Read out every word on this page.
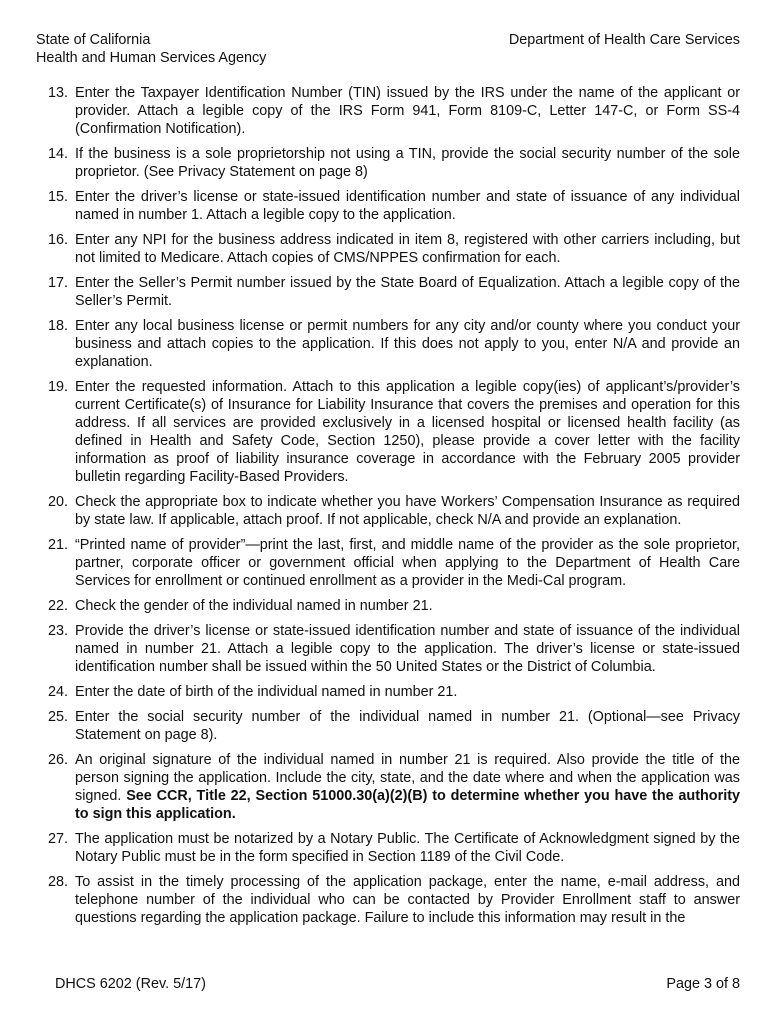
State of California
Health and Human Services Agency
Department of Health Care Services
13. Enter the Taxpayer Identification Number (TIN) issued by the IRS under the name of the applicant or provider. Attach a legible copy of the IRS Form 941, Form 8109-C, Letter 147-C, or Form SS-4 (Confirmation Notification).
14. If the business is a sole proprietorship not using a TIN, provide the social security number of the sole proprietor. (See Privacy Statement on page 8)
15. Enter the driver’s license or state-issued identification number and state of issuance of any individual named in number 1. Attach a legible copy to the application.
16. Enter any NPI for the business address indicated in item 8, registered with other carriers including, but not limited to Medicare. Attach copies of CMS/NPPES confirmation for each.
17. Enter the Seller’s Permit number issued by the State Board of Equalization. Attach a legible copy of the Seller’s Permit.
18. Enter any local business license or permit numbers for any city and/or county where you conduct your business and attach copies to the application. If this does not apply to you, enter N/A and provide an explanation.
19. Enter the requested information. Attach to this application a legible copy(ies) of applicant’s/provider’s current Certificate(s) of Insurance for Liability Insurance that covers the premises and operation for this address. If all services are provided exclusively in a licensed hospital or licensed health facility (as defined in Health and Safety Code, Section 1250), please provide a cover letter with the facility information as proof of liability insurance coverage in accordance with the February 2005 provider bulletin regarding Facility-Based Providers.
20. Check the appropriate box to indicate whether you have Workers’ Compensation Insurance as required by state law. If applicable, attach proof. If not applicable, check N/A and provide an explanation.
21. “Printed name of provider”—print the last, first, and middle name of the provider as the sole proprietor, partner, corporate officer or government official when applying to the Department of Health Care Services for enrollment or continued enrollment as a provider in the Medi-Cal program.
22. Check the gender of the individual named in number 21.
23. Provide the driver’s license or state-issued identification number and state of issuance of the individual named in number 21. Attach a legible copy to the application. The driver’s license or state-issued identification number shall be issued within the 50 United States or the District of Columbia.
24. Enter the date of birth of the individual named in number 21.
25. Enter the social security number of the individual named in number 21. (Optional—see Privacy Statement on page 8).
26. An original signature of the individual named in number 21 is required. Also provide the title of the person signing the application. Include the city, state, and the date where and when the application was signed. See CCR, Title 22, Section 51000.30(a)(2)(B) to determine whether you have the authority to sign this application.
27. The application must be notarized by a Notary Public. The Certificate of Acknowledgment signed by the Notary Public must be in the form specified in Section 1189 of the Civil Code.
28. To assist in the timely processing of the application package, enter the name, e-mail address, and telephone number of the individual who can be contacted by Provider Enrollment staff to answer questions regarding the application package. Failure to include this information may result in the
DHCS 6202 (Rev. 5/17)	Page 3 of 8
